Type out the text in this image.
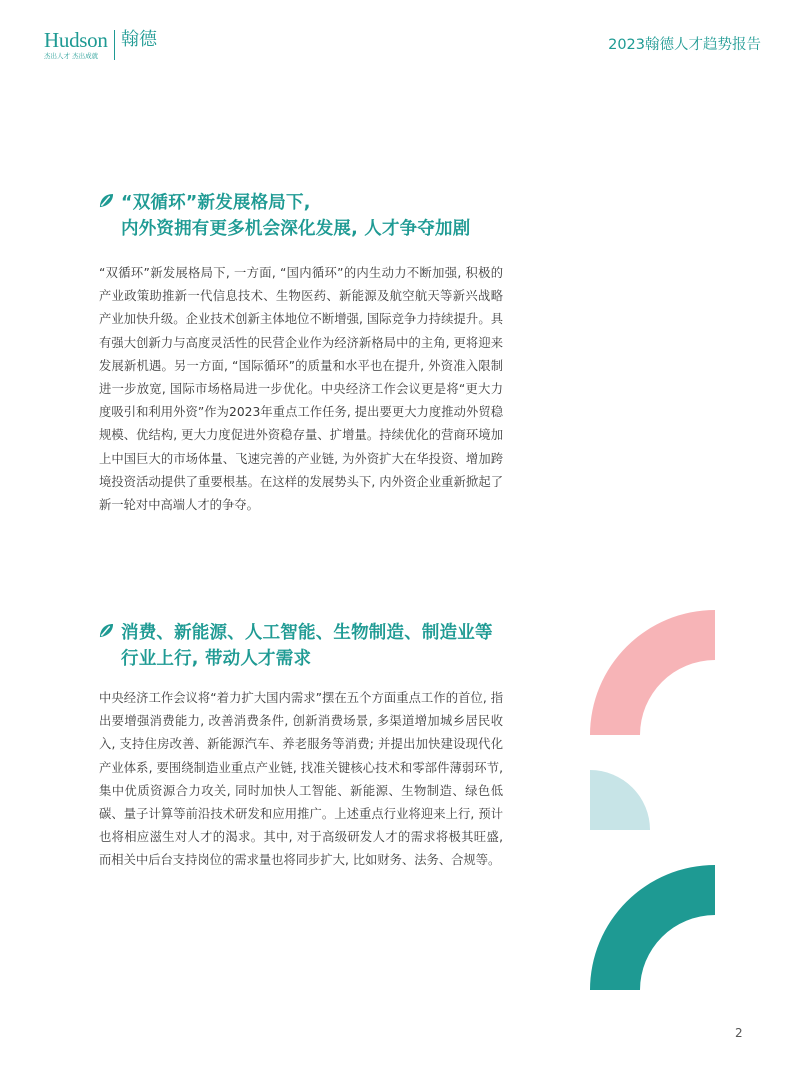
Hudson 翰德
杰出人才 杰出成就
2023翰德人才趋势报告
“双循环”新发展格局下,
内外资拥有更多机会深化发展, 人才争夺加剧

“双循环”新发展格局下, 一方面, “国内循环”的内生动力不断加强, 积极的产业政策助推新一代信息技术、生物医药、新能源及航空航天等新兴战略产业加快升级。企业技术创新主体地位不断增强, 国际竞争力持续提升。具有强大创新力与高度灵活性的民营企业作为经济新格局中的主角, 更将迎来发展新机遇。另一方面, “国际循环”的质量和水平也在提升, 外资准入限制进一步放宽, 国际市场格局进一步优化。中央经济工作会议更是将“更大力度吸引和利用外资”作为2023年重点工作任务, 提出要更大力度推动外贸稳规模、优结构, 更大力度促进外资稳存量、扩增量。持续优化的营商环境加上中国巨大的市场体量、飞速完善的产业链, 为外资扩大在华投资、增加跨境投资活动提供了重要根基。在这样的发展势头下, 内外资企业重新掀起了新一轮对中高端人才的争夺。

消费、新能源、人工智能、生物制造、制造业等
行业上行, 带动人才需求

中央经济工作会议将“着力扩大国内需求”摆在五个方面重点工作的首位, 指出要增强消费能力, 改善消费条件, 创新消费场景, 多渠道增加城乡居民收入, 支持住房改善、新能源汽车、养老服务等消费; 并提出加快建设现代化产业体系, 要围绕制造业重点产业链, 找准关键核心技术和零部件薄弱环节, 集中优质资源合力攻关, 同时加快人工智能、新能源、生物制造、绿色低碳、量子计算等前沿技术研发和应用推广。上述重点行业将迎来上行, 预计也将相应滋生对人才的渴求。其中, 对于高级研发人才的需求将极其旺盛, 而相关中后台支持岗位的需求量也将同步扩大, 比如财务、法务、合规等。

2
